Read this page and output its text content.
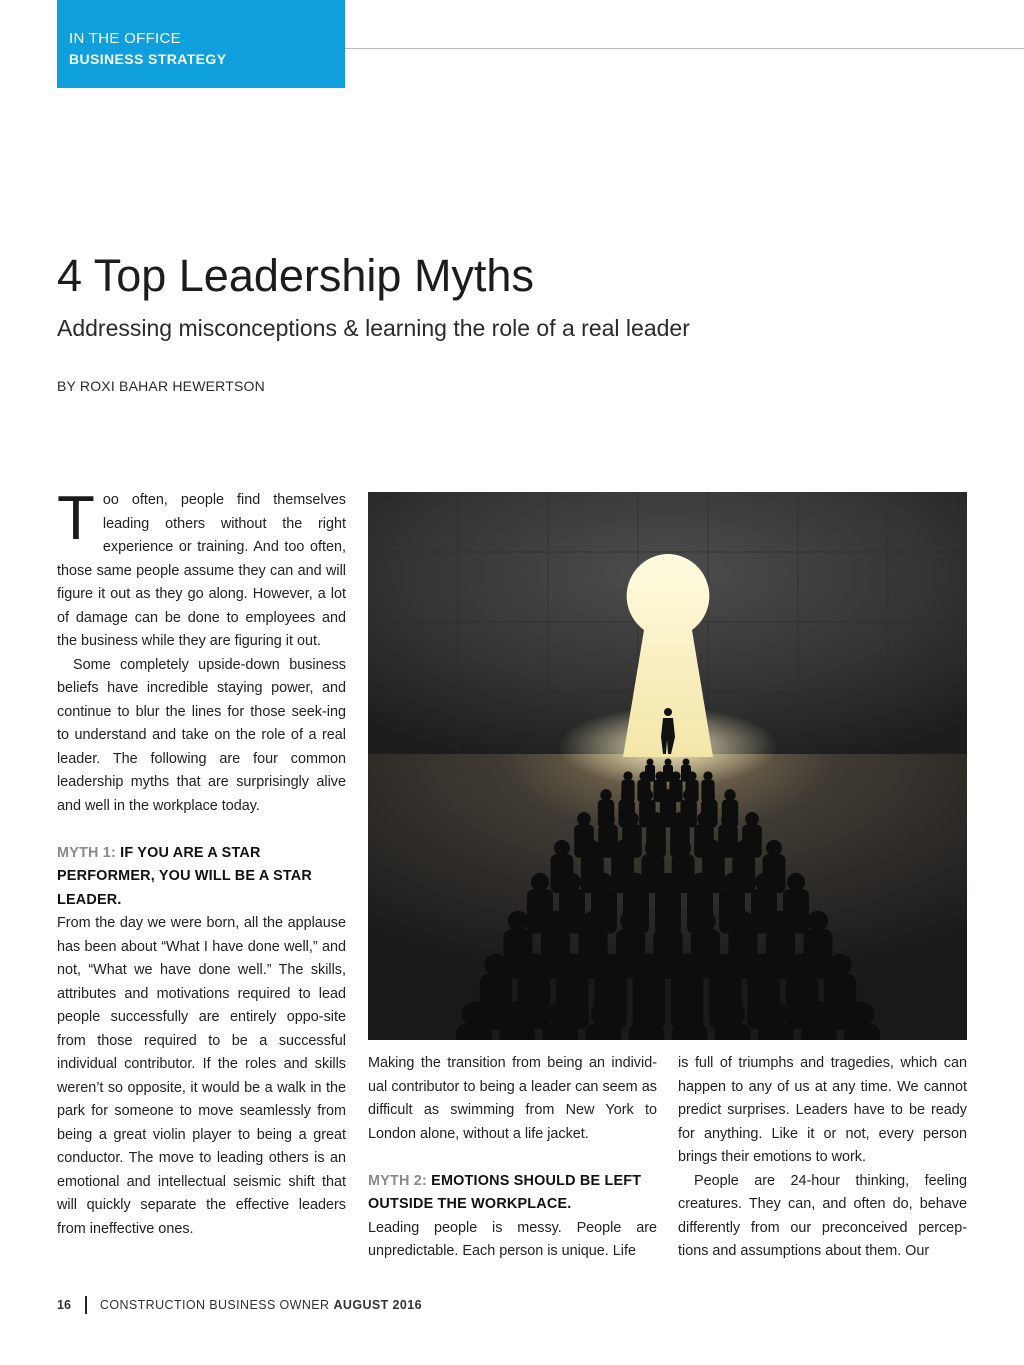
IN THE OFFICE
BUSINESS STRATEGY
4 Top Leadership Myths
Addressing misconceptions & learning the role of a real leader
BY ROXI BAHAR HEWERTSON

Too often, people find themselves leading others without the right experience or training. And too often, those same people assume they can and will figure it out as they go along. However, a lot of damage can be done to employees and the business while they are figuring it out.

Some completely upside-down business beliefs have incredible staying power, and continue to blur the lines for those seek-ing to understand and take on the role of a real leader. The following are four common leadership myths that are surprisingly alive and well in the workplace today.

MYTH 1: IF YOU ARE A STAR PERFORMER, YOU WILL BE A STAR LEADER.

From the day we were born, all the applause has been about “What I have done well,” and not, “What we have done well.” The skills, attributes and motivations required to lead people successfully are entirely oppo-site from those required to be a successful individual contributor. If the roles and skills weren’t so opposite, it would be a walk in the park for someone to move seamlessly from being a great violin player to being a great conductor. The move to leading others is an emotional and intellectual seismic shift that will quickly separate the effective leaders from ineffective ones.

Making the transition from being an individ-ual contributor to being a leader can seem as difficult as swimming from New York to London alone, without a life jacket.

MYTH 2: EMOTIONS SHOULD BE LEFT OUTSIDE THE WORKPLACE.

Leading people is messy. People are unpredictable. Each person is unique. Life

is full of triumphs and tragedies, which can happen to any of us at any time. We cannot predict surprises. Leaders have to be ready for anything. Like it or not, every person brings their emotions to work.

People are 24-hour thinking, feeling creatures. They can, and often do, behave differently from our preconceived percep-tions and assumptions about them. Our

16 CONSTRUCTION BUSINESS OWNER AUGUST 2016
